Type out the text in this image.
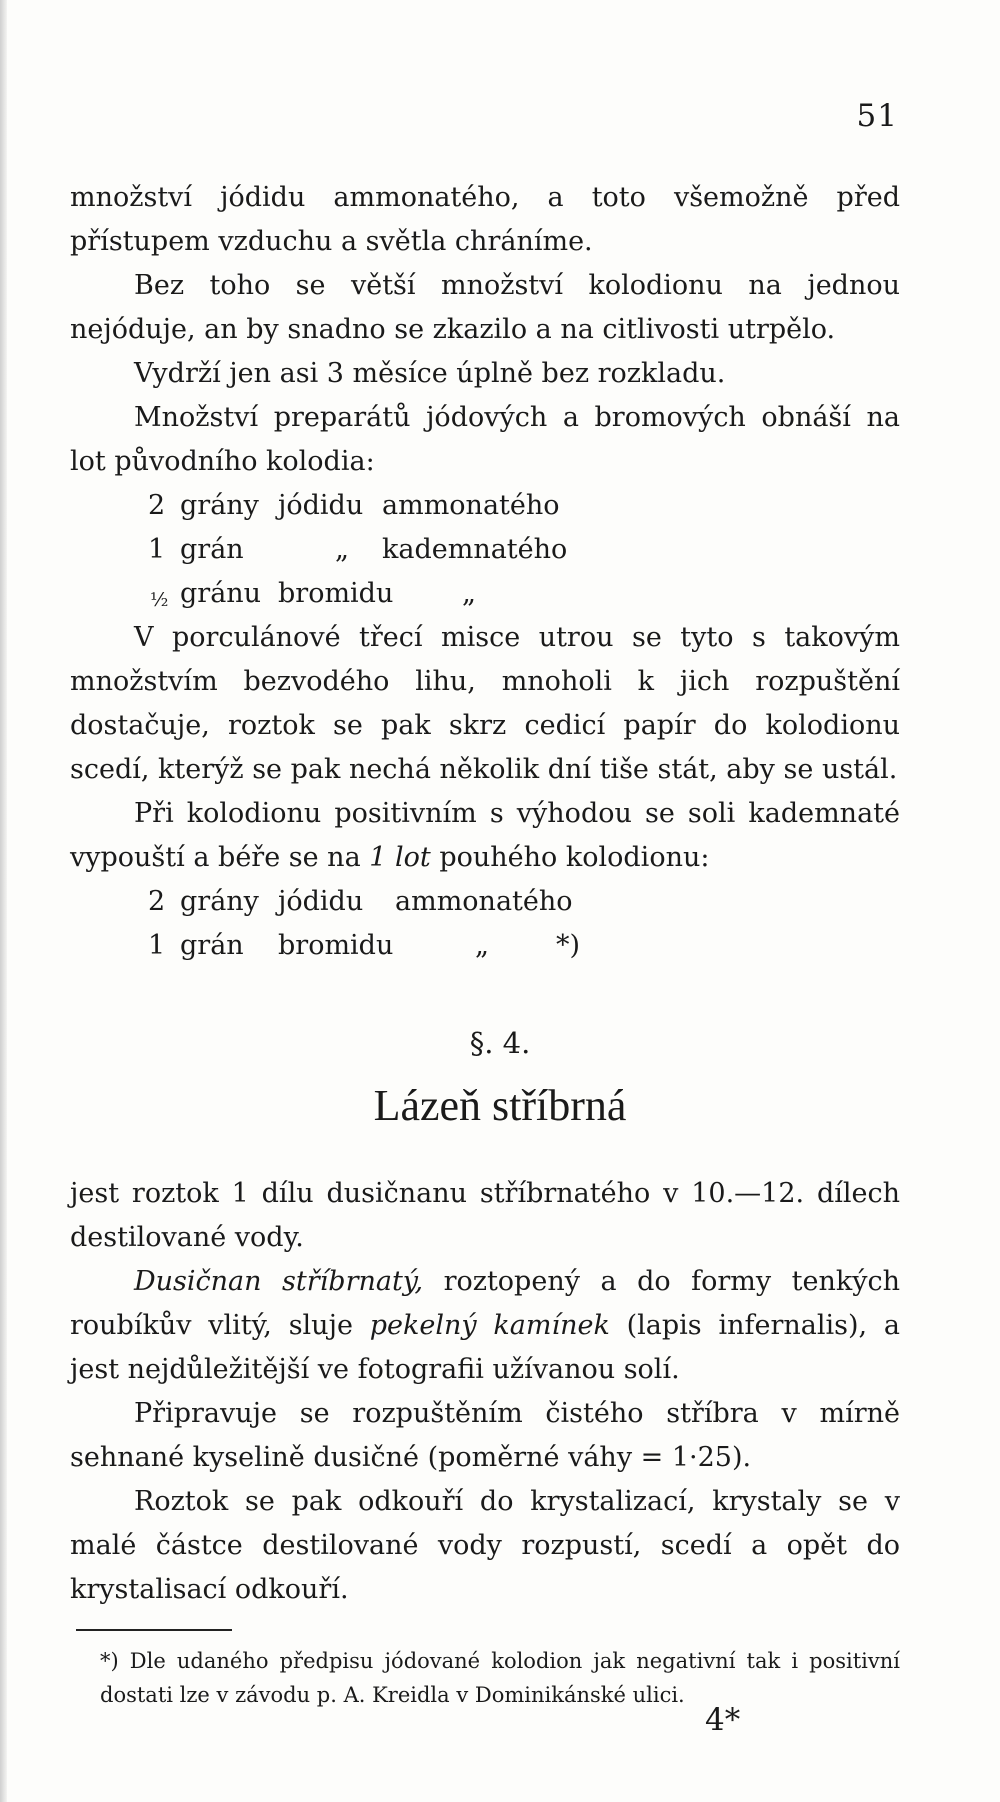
51

množství jódidu ammonatého, a toto všemožně před přístupem vzduchu a světla chráníme.

Bez toho se větší množství kolodionu na jednou nejóduje, an by snadno se zkazilo a na citlivosti utrpělo.

Vydrží jen asi 3 měsíce úplně bez rozkladu.

Množství preparátů jódových a bromových obnáší na lot původního kolodia:

2 grány jódidu ammonatého
1 grán	„ kademnatého
½ gránu bromidu	„

V porculánové třecí misce utrou se tyto s takovým množstvím bezvodého lihu, mnoholi k jich rozpuštění dostačuje, roztok se pak skrz cedicí papír do kolodionu scedí, kterýž se pak nechá několik dní tiše stát, aby se ustál.

Při kolodionu positivním s výhodou se soli kademnaté vypouští a béře se na 1 lot pouhého kolodionu:

2 grány jódidu ammonatého
1 grán bromidu	„ *)
§. 4.
Lázeň stříbrná

jest roztok 1 dílu dusičnanu stříbrnatého v 10.—12. dílech destilované vody.

Dusičnan stříbrnatý, roztopený a do formy tenkých roubíkův vlitý, sluje pekelný kamínek (lapis infernalis), a jest nejdůležitější ve fotografii užívanou solí.

Připravuje se rozpuštěním čistého stříbra v mírně sehnané kyselině dusičné (poměrné váhy = 1·25).

Roztok se pak odkouří do krystalizací, krystaly se v malé částce destilované vody rozpustí, scedí a opět do krystalisací odkouří.

*) Dle udaného předpisu jódované kolodion jak negativní tak i positivní dostati lze v závodu p. A. Kreidla v Dominikánské ulici.

4*
